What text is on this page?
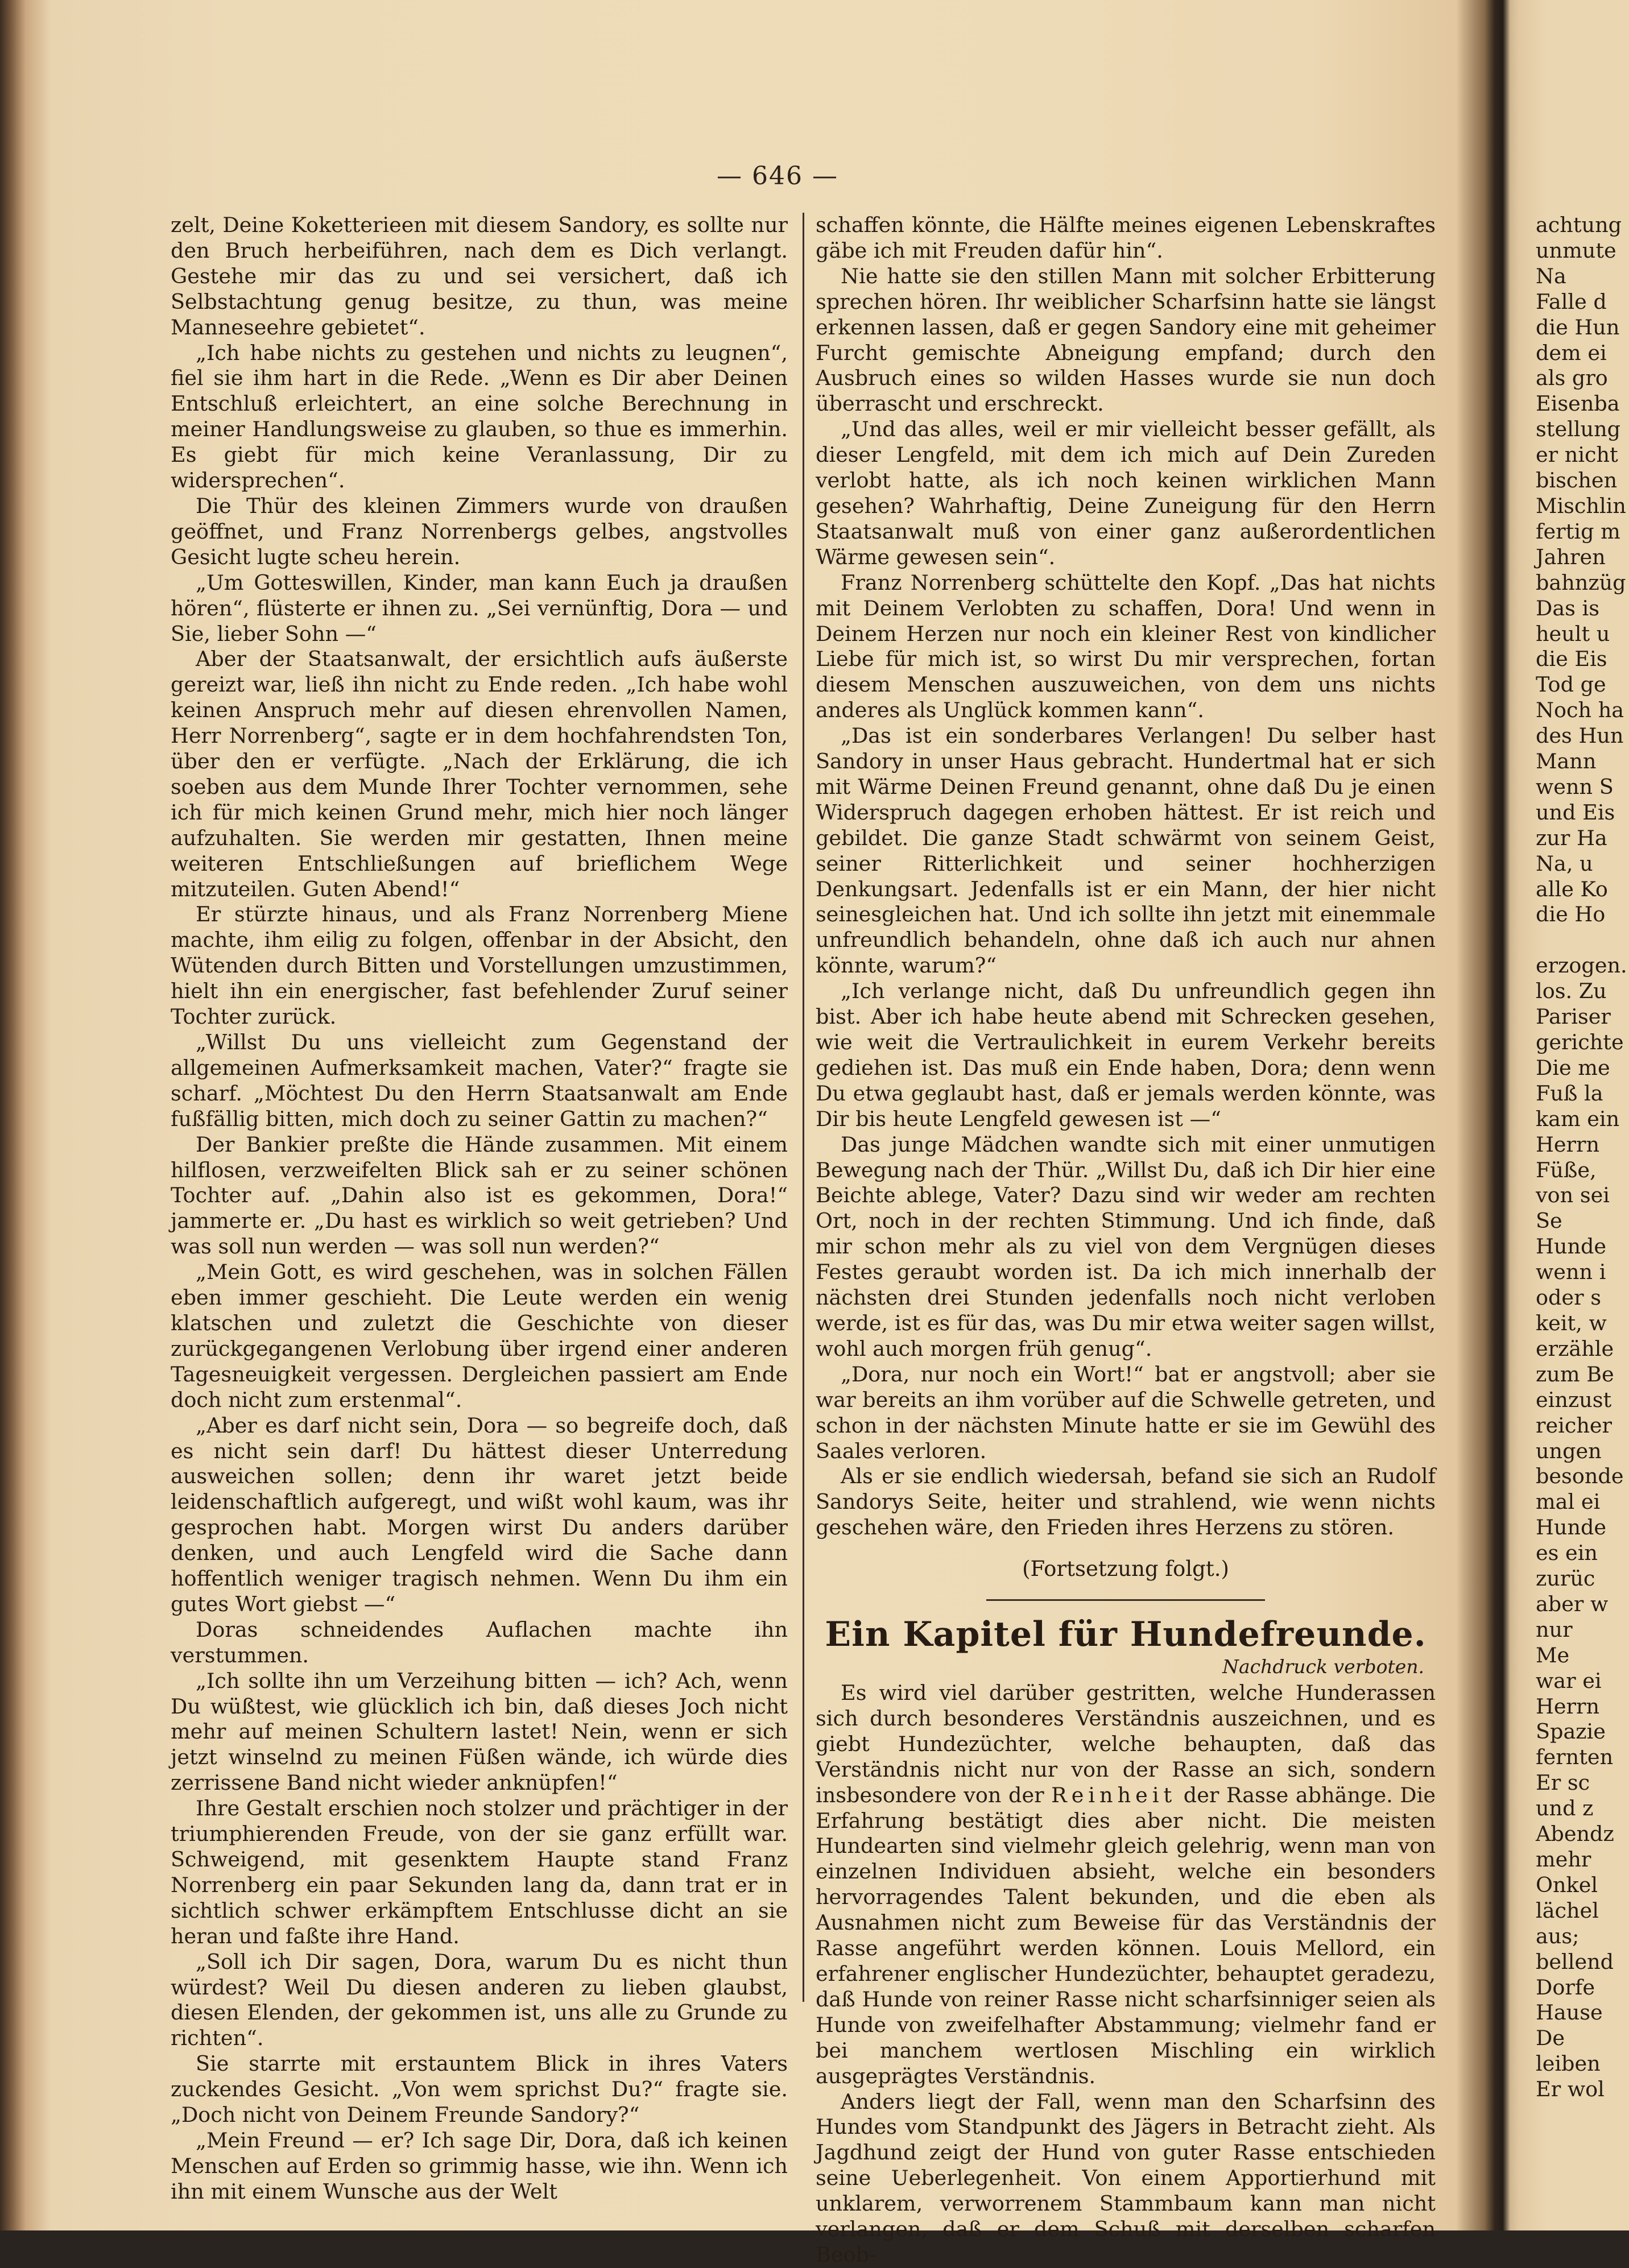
— 646 —

zelt, Deine Koketterieen mit diesem Sandory, es sollte nur den Bruch herbeiführen, nach dem es Dich verlangt. Gestehe mir das zu und sei versichert, daß ich Selbstachtung genug besitze, zu thun, was meine Manneseehre gebietet“.

„Ich habe nichts zu gestehen und nichts zu leugnen“, fiel sie ihm hart in die Rede. „Wenn es Dir aber Deinen Entschluß erleichtert, an eine solche Berechnung in meiner Handlungsweise zu glauben, so thue es immerhin. Es giebt für mich keine Veranlassung, Dir zu widersprechen“.

Die Thür des kleinen Zimmers wurde von draußen geöffnet, und Franz Norrenbergs gelbes, angstvolles Gesicht lugte scheu herein.

„Um Gotteswillen, Kinder, man kann Euch ja draußen hören“, flüsterte er ihnen zu. „Sei vernünftig, Dora — und Sie, lieber Sohn —“

Aber der Staatsanwalt, der ersichtlich aufs äußerste gereizt war, ließ ihn nicht zu Ende reden. „Ich habe wohl keinen Anspruch mehr auf diesen ehrenvollen Namen, Herr Norrenberg“, sagte er in dem hochfahrendsten Ton, über den er verfügte. „Nach der Erklärung, die ich soeben aus dem Munde Ihrer Tochter vernommen, sehe ich für mich keinen Grund mehr, mich hier noch länger aufzuhalten. Sie werden mir gestatten, Ihnen meine weiteren Entschließungen auf brieflichem Wege mitzuteilen. Guten Abend!“

Er stürzte hinaus, und als Franz Norrenberg Miene machte, ihm eilig zu folgen, offenbar in der Absicht, den Wütenden durch Bitten und Vorstellungen umzustimmen, hielt ihn ein energischer, fast befehlender Zuruf seiner Tochter zurück.

„Willst Du uns vielleicht zum Gegenstand der allgemeinen Aufmerksamkeit machen, Vater?“ fragte sie scharf. „Möchtest Du den Herrn Staatsanwalt am Ende fußfällig bitten, mich doch zu seiner Gattin zu machen?“

Der Bankier preßte die Hände zusammen. Mit einem hilflosen, verzweifelten Blick sah er zu seiner schönen Tochter auf. „Dahin also ist es gekommen, Dora!“ jammerte er. „Du hast es wirklich so weit getrieben? Und was soll nun werden — was soll nun werden?“

„Mein Gott, es wird geschehen, was in solchen Fällen eben immer geschieht. Die Leute werden ein wenig klatschen und zuletzt die Geschichte von dieser zurückgegangenen Verlobung über irgend einer anderen Tagesneuigkeit vergessen. Dergleichen passiert am Ende doch nicht zum erstenmal“.

„Aber es darf nicht sein, Dora — so begreife doch, daß es nicht sein darf! Du hättest dieser Unterredung ausweichen sollen; denn ihr waret jetzt beide leidenschaftlich aufgeregt, und wißt wohl kaum, was ihr gesprochen habt. Morgen wirst Du anders darüber denken, und auch Lengfeld wird die Sache dann hoffentlich weniger tragisch nehmen. Wenn Du ihm ein gutes Wort giebst —“

Doras schneidendes Auflachen machte ihn verstummen.

„Ich sollte ihn um Verzeihung bitten — ich? Ach, wenn Du wüßtest, wie glücklich ich bin, daß dieses Joch nicht mehr auf meinen Schultern lastet! Nein, wenn er sich jetzt winselnd zu meinen Füßen wände, ich würde dies zerrissene Band nicht wieder anknüpfen!“

Ihre Gestalt erschien noch stolzer und prächtiger in der triumphierenden Freude, von der sie ganz erfüllt war. Schweigend, mit gesenktem Haupte stand Franz Norrenberg ein paar Sekunden lang da, dann trat er in sichtlich schwer erkämpftem Entschlusse dicht an sie heran und faßte ihre Hand.

„Soll ich Dir sagen, Dora, warum Du es nicht thun würdest? Weil Du diesen anderen zu lieben glaubst, diesen Elenden, der gekommen ist, uns alle zu Grunde zu richten“.

Sie starrte mit erstauntem Blick in ihres Vaters zuckendes Gesicht. „Von wem sprichst Du?“ fragte sie. „Doch nicht von Deinem Freunde Sandory?“

„Mein Freund — er? Ich sage Dir, Dora, daß ich keinen Menschen auf Erden so grimmig hasse, wie ihn. Wenn ich ihn mit einem Wunsche aus der Welt

schaffen könnte, die Hälfte meines eigenen Lebenskraftes gäbe ich mit Freuden dafür hin“.

Nie hatte sie den stillen Mann mit solcher Erbitterung sprechen hören. Ihr weiblicher Scharfsinn hatte sie längst erkennen lassen, daß er gegen Sandory eine mit geheimer Furcht gemischte Abneigung empfand; durch den Ausbruch eines so wilden Hasses wurde sie nun doch überrascht und erschreckt.

„Und das alles, weil er mir vielleicht besser gefällt, als dieser Lengfeld, mit dem ich mich auf Dein Zureden verlobt hatte, als ich noch keinen wirklichen Mann gesehen? Wahrhaftig, Deine Zuneigung für den Herrn Staatsanwalt muß von einer ganz außerordentlichen Wärme gewesen sein“.

Franz Norrenberg schüttelte den Kopf. „Das hat nichts mit Deinem Verlobten zu schaffen, Dora! Und wenn in Deinem Herzen nur noch ein kleiner Rest von kindlicher Liebe für mich ist, so wirst Du mir versprechen, fortan diesem Menschen auszuweichen, von dem uns nichts anderes als Unglück kommen kann“.

„Das ist ein sonderbares Verlangen! Du selber hast Sandory in unser Haus gebracht. Hundertmal hat er sich mit Wärme Deinen Freund genannt, ohne daß Du je einen Widerspruch dagegen erhoben hättest. Er ist reich und gebildet. Die ganze Stadt schwärmt von seinem Geist, seiner Ritterlichkeit und seiner hochherzigen Denkungsart. Jedenfalls ist er ein Mann, der hier nicht seinesgleichen hat. Und ich sollte ihn jetzt mit einemmale unfreundlich behandeln, ohne daß ich auch nur ahnen könnte, warum?“

„Ich verlange nicht, daß Du unfreundlich gegen ihn bist. Aber ich habe heute abend mit Schrecken gesehen, wie weit die Vertraulichkeit in eurem Verkehr bereits gediehen ist. Das muß ein Ende haben, Dora; denn wenn Du etwa geglaubt hast, daß er jemals werden könnte, was Dir bis heute Lengfeld gewesen ist —“

Das junge Mädchen wandte sich mit einer unmutigen Bewegung nach der Thür. „Willst Du, daß ich Dir hier eine Beichte ablege, Vater? Dazu sind wir weder am rechten Ort, noch in der rechten Stimmung. Und ich finde, daß mir schon mehr als zu viel von dem Vergnügen dieses Festes geraubt worden ist. Da ich mich innerhalb der nächsten drei Stunden jedenfalls noch nicht verloben werde, ist es für das, was Du mir etwa weiter sagen willst, wohl auch morgen früh genug“.

„Dora, nur noch ein Wort!“ bat er angstvoll; aber sie war bereits an ihm vorüber auf die Schwelle getreten, und schon in der nächsten Minute hatte er sie im Gewühl des Saales verloren.

Als er sie endlich wiedersah, befand sie sich an Rudolf Sandorys Seite, heiter und strahlend, wie wenn nichts geschehen wäre, den Frieden ihres Herzens zu stören.

(Fortsetzung folgt.)

Ein Kapitel für Hundefreunde.
Nachdruck verboten.

Es wird viel darüber gestritten, welche Hunderassen sich durch besonderes Verständnis auszeichnen, und es giebt Hundezüchter, welche behaupten, daß das Verständnis nicht nur von der Rasse an sich, sondern insbesondere von der Reinheit der Rasse abhänge. Die Erfahrung bestätigt dies aber nicht. Die meisten Hundearten sind vielmehr gleich gelehrig, wenn man von einzelnen Individuen absieht, welche ein besonders hervorragendes Talent bekunden, und die eben als Ausnahmen nicht zum Beweise für das Verständnis der Rasse angeführt werden können. Louis Mellord, ein erfahrener englischer Hundezüchter, behauptet geradezu, daß Hunde von reiner Rasse nicht scharfsinniger seien als Hunde von zweifelhafter Abstammung; vielmehr fand er bei manchem wertlosen Mischling ein wirklich ausgeprägtes Verständnis.

Anders liegt der Fall, wenn man den Scharfsinn des Hundes vom Standpunkt des Jägers in Betracht zieht. Als Jagdhund zeigt der Hund von guter Rasse entschieden seine Ueberlegenheit. Von einem Apportierhund mit unklarem, verworrenem Stammbaum kann man nicht verlangen, daß er dem Schuß mit derselben scharfen Beob-

achtung

unmute

Na

Falle d

die Hun

dem ei

als gro

Eisenba

stellung

er nicht

bischen

Mischlin

fertig m

Jahren

bahnzüg

Das is

heult u

die Eis

Tod ge

Noch ha

des Hun

Mann

wenn S

und Eis

zur Ha

Na, u

alle Ko

die Ho

erzogen.

los. Zu

Pariser

gerichte

Die me

Fuß la

kam ein

Herrn

Füße,

von sei

Se

Hunde

wenn i

oder s

keit, w

erzähle

zum Be

einzust

reicher

ungen

besonde

mal ei

Hunde

es ein

zurüc

aber w

nur

Me

war ei

Herrn

Spazie

fernten

Er sc

und z

Abendz

mehr

Onkel

lächel

aus;

bellend

Dorfe

Hause

De

leiben

Er wol
